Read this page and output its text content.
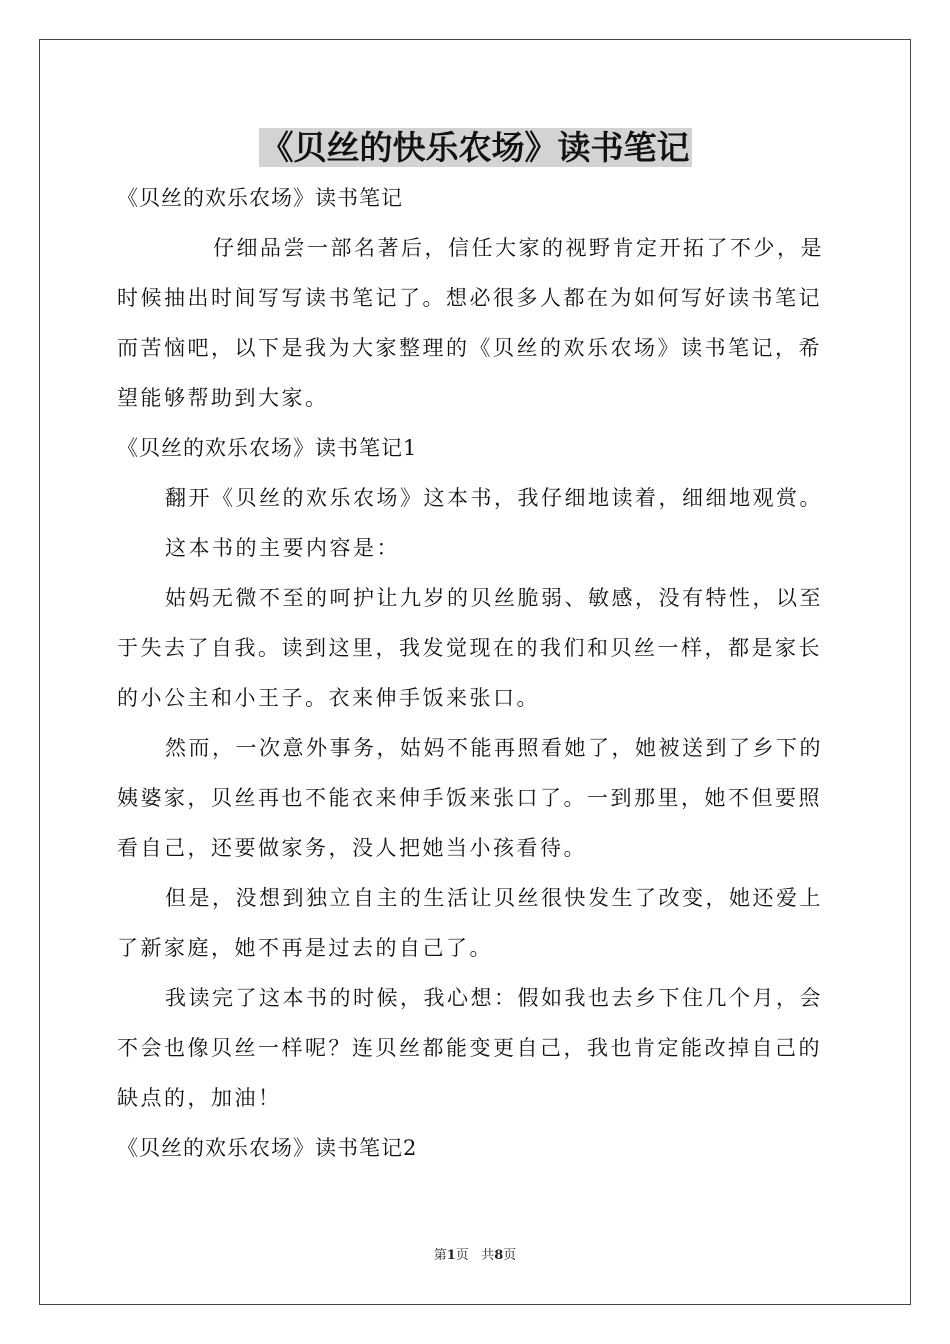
《贝丝的快乐农场》读书笔记

《贝丝的欢乐农场》读书笔记

仔细品尝一部名著后，信任大家的视野肯定开拓了不少，是

时候抽出时间写写读书笔记了。想必很多人都在为如何写好读书笔记

而苦恼吧，以下是我为大家整理的《贝丝的欢乐农场》读书笔记，希

望能够帮助到大家。

《贝丝的欢乐农场》读书笔记1

翻开《贝丝的欢乐农场》这本书，我仔细地读着，细细地观赏。

这本书的主要内容是：

姑妈无微不至的呵护让九岁的贝丝脆弱、敏感，没有特性，以至

于失去了自我。读到这里，我发觉现在的我们和贝丝一样，都是家长

的小公主和小王子。衣来伸手饭来张口。

然而，一次意外事务，姑妈不能再照看她了，她被送到了乡下的

姨婆家，贝丝再也不能衣来伸手饭来张口了。一到那里，她不但要照

看自己，还要做家务，没人把她当小孩看待。

但是，没想到独立自主的生活让贝丝很快发生了改变，她还爱上

了新家庭，她不再是过去的自己了。

我读完了这本书的时候，我心想：假如我也去乡下住几个月，会

不会也像贝丝一样呢？连贝丝都能变更自己，我也肯定能改掉自己的

缺点的，加油！

《贝丝的欢乐农场》读书笔记2

第1页 共8页
